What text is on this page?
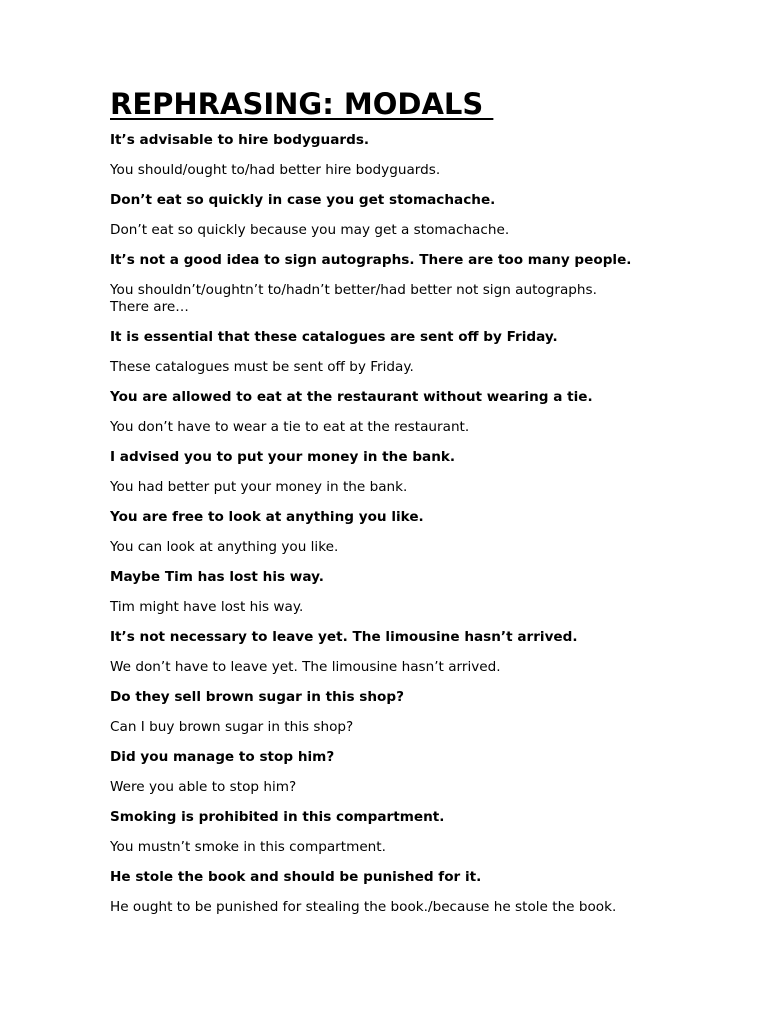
REPHRASING: MODALS
It’s advisable to hire bodyguards.
You should/ought to/had better hire bodyguards.
Don’t eat so quickly in case you get stomachache.
Don’t eat so quickly because you may get a stomachache.
It’s not a good idea to sign autographs. There are too many people.
You shouldn’t/oughtn’t to/hadn’t better/had better not sign autographs. There are…
It is essential that these catalogues are sent off by Friday.
These catalogues must be sent off by Friday.
You are allowed to eat at the restaurant without wearing a tie.
You don’t have to wear a tie to eat at the restaurant.
I advised you to put your money in the bank.
You had better put your money in the bank.
You are free to look at anything you like.
You can look at anything you like.
Maybe Tim has lost his way.
Tim might have lost his way.
It’s not necessary to leave yet. The limousine hasn’t arrived.
We don’t have to leave yet. The limousine hasn’t arrived.
Do they sell brown sugar in this shop?
Can I buy brown sugar in this shop?
Did you manage to stop him?
Were you able to stop him?
Smoking is prohibited in this compartment.
You mustn’t smoke in this compartment.
He stole the book and should be punished for it.
He ought to be punished for stealing the book./because he stole the book.
